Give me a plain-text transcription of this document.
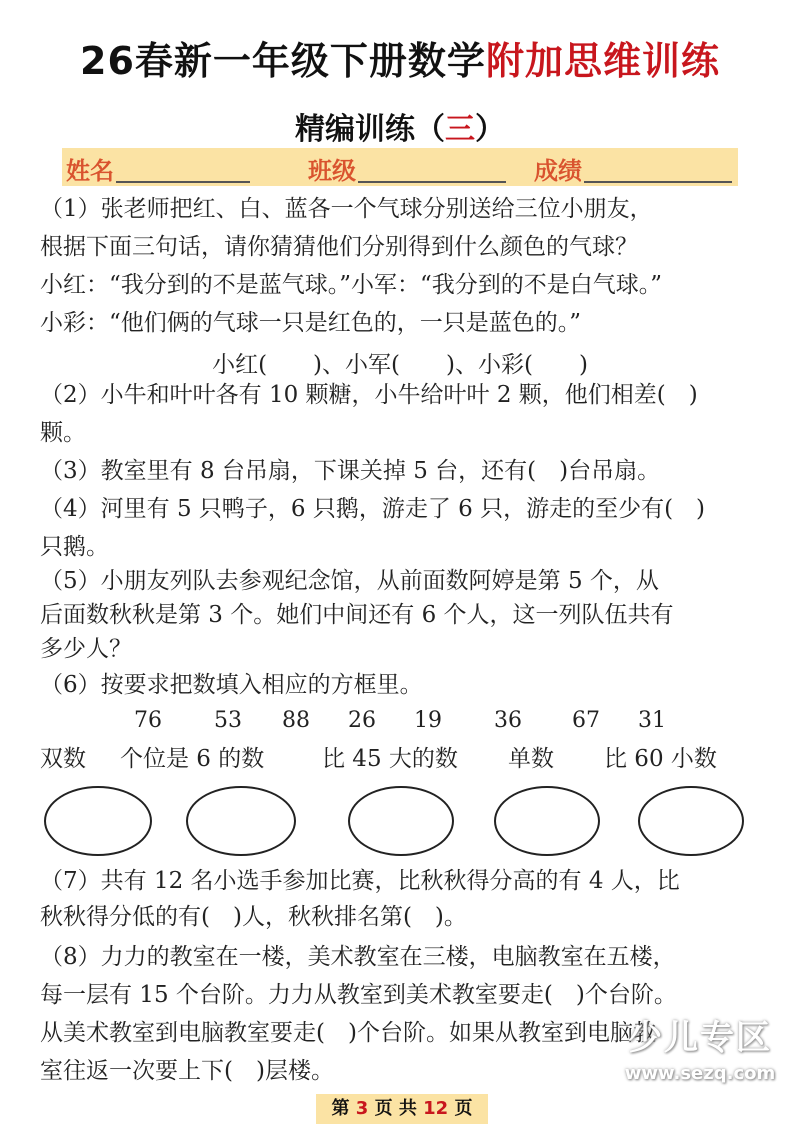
26春新一年级下册数学附加思维训练
精编训练（三）
姓名	班级	成绩
（1）张老师把红、白、蓝各一个气球分别送给三位小朋友，
根据下面三句话，请你猜猜他们分别得到什么颜色的气球？
小红：“我分到的不是蓝气球。”小军：“我分到的不是白气球。”
小彩：“他们俩的气球一只是红色的，一只是蓝色的。”
小红(　　)、小军(　　)、小彩(　　)
（2）小牛和叶叶各有 10 颗糖，小牛给叶叶 2 颗，他们相差(　)
颗。
（3）教室里有 8 台吊扇，下课关掉 5 台，还有(　)台吊扇。
（4）河里有 5 只鸭子，6 只鹅，游走了 6 只，游走的至少有(　)
只鹅。
（5）小朋友列队去参观纪念馆，从前面数阿婷是第 5 个，从
后面数秋秋是第 3 个。她们中间还有 6 个人，这一列队伍共有
多少人？
（6）按要求把数填入相应的方框里。
76 53 88 26 19 36 67 31
双数 个位是 6 的数	比 45 大的数 单数 比 60 小数
（7）共有 12 名小选手参加比赛，比秋秋得分高的有 4 人，比
秋秋得分低的有(　)人，秋秋排名第(　)。
（8）力力的教室在一楼，美术教室在三楼，电脑教室在五楼，
每一层有 15 个台阶。力力从教室到美术教室要走(　)个台阶。
从美术教室到电脑教室要走(　)个台阶。如果从教室到电脑教
室往返一次要上下(　)层楼。
少儿专区
www.sezq.com
第 3 页 共 12 页
